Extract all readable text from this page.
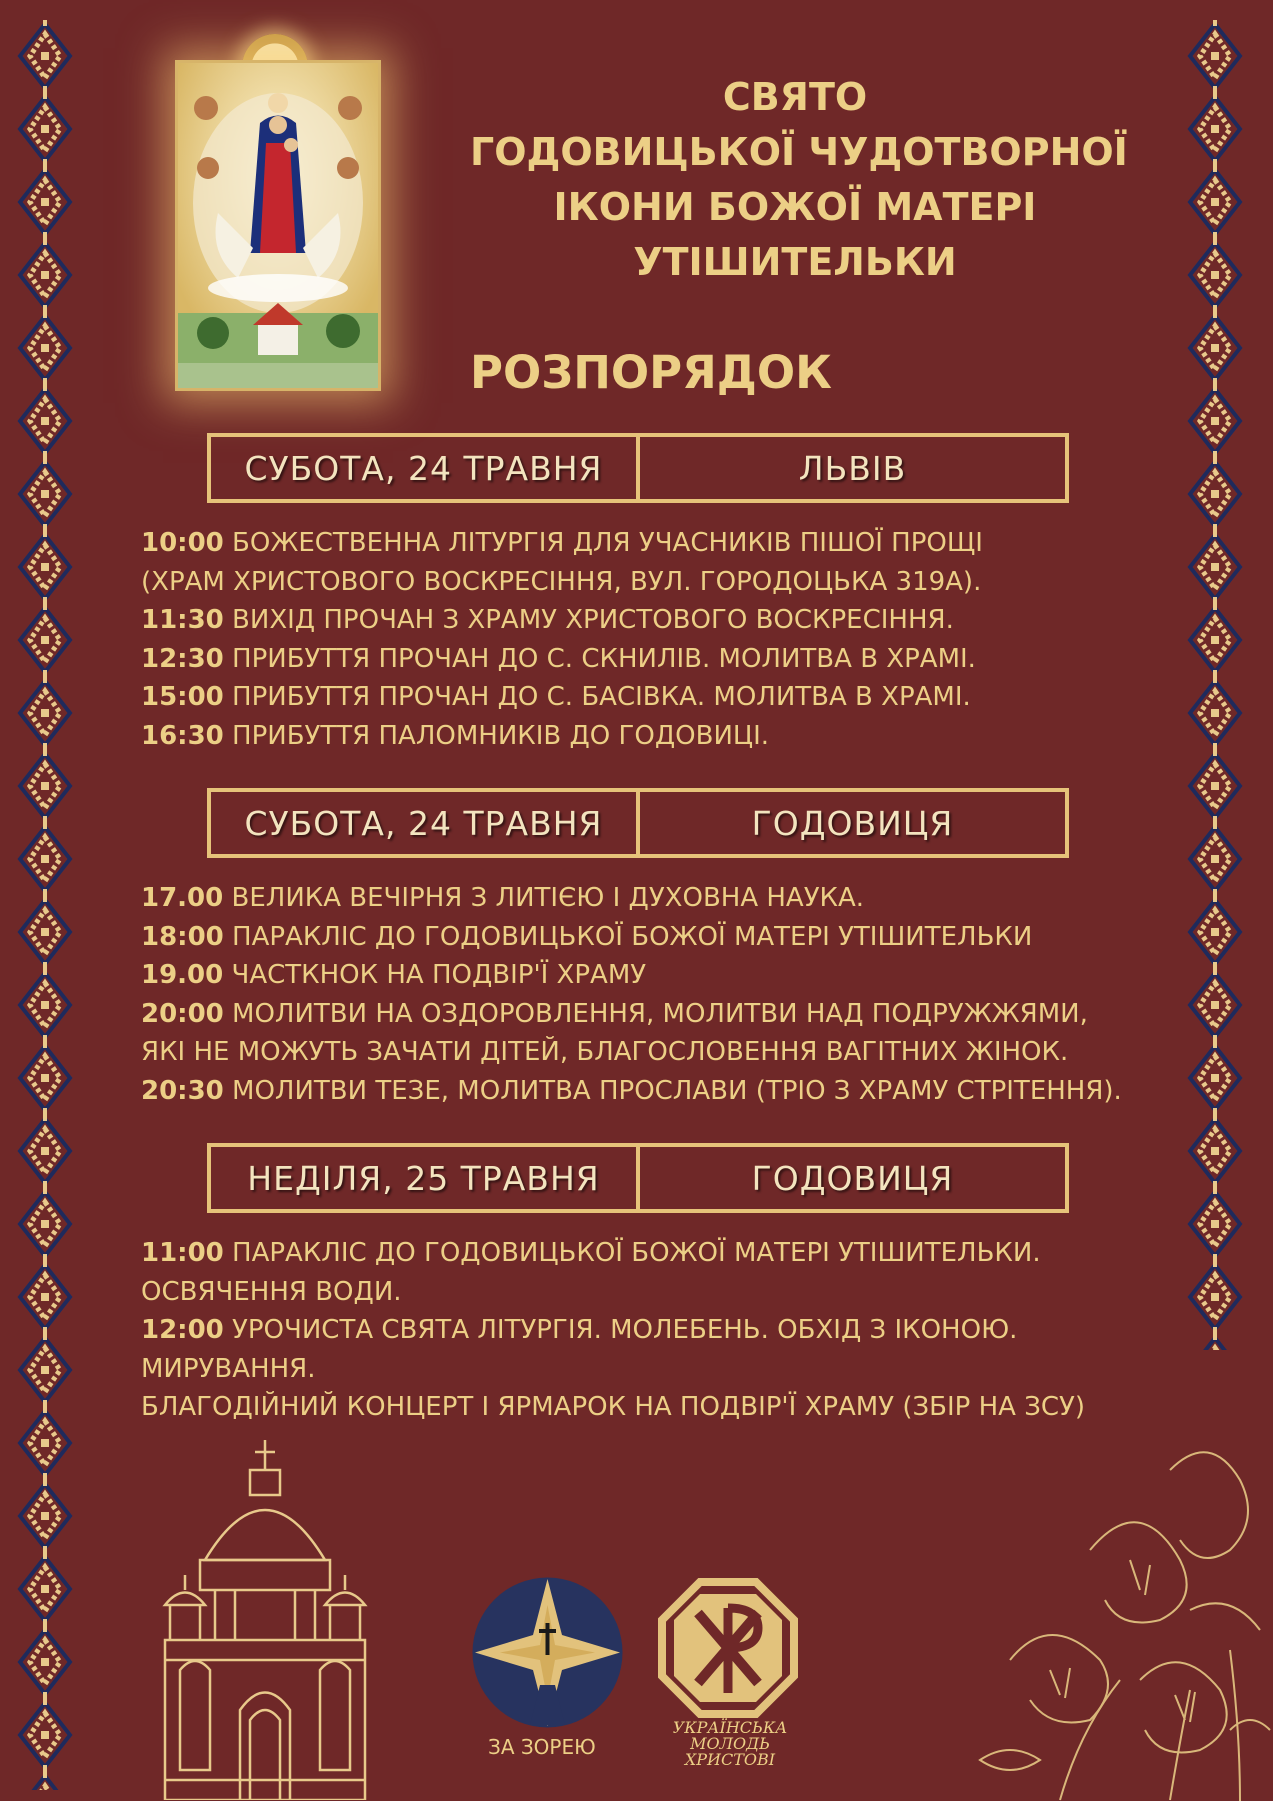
СВЯТО
ГОДОВИЦЬКОЇ ЧУДОТВОРНОЇ
ІКОНИ БОЖОЇ МАТЕРІ
УТІШИТЕЛЬКИ
РОЗПОРЯДОК
СУБОТА, 24 ТРАВНЯ	ЛЬВІВ
10:00 БОЖЕСТВЕННА ЛІТУРГІЯ ДЛЯ УЧАСНИКІВ ПІШОЇ ПРОЩІ
(ХРАМ ХРИСТОВОГО ВОСКРЕСІННЯ, ВУЛ. ГОРОДОЦЬКА 319А).
11:30 ВИХІД ПРОЧАН З ХРАМУ ХРИСТОВОГО ВОСКРЕСІННЯ.
12:30 ПРИБУТТЯ ПРОЧАН ДО С. СКНИЛІВ. МОЛИТВА В ХРАМІ.
15:00 ПРИБУТТЯ ПРОЧАН ДО С. БАСІВКА. МОЛИТВА В ХРАМІ.
16:30 ПРИБУТТЯ ПАЛОМНИКІВ ДО ГОДОВИЦІ.
СУБОТА, 24 ТРАВНЯ	ГОДОВИЦЯ
17.00 ВЕЛИКА ВЕЧІРНЯ З ЛИТІЄЮ І ДУХОВНА НАУКА.
18:00 ПАРАКЛІС ДО ГОДОВИЦЬКОЇ БОЖОЇ МАТЕРІ УТІШИТЕЛЬКИ
19.00 ЧАСТКНОК НА ПОДВІР'Ї ХРАМУ
20:00 МОЛИТВИ НА ОЗДОРОВЛЕННЯ, МОЛИТВИ НАД ПОДРУЖЖЯМИ,
ЯКІ НЕ МОЖУТЬ ЗАЧАТИ ДІТЕЙ, БЛАГОСЛОВЕННЯ ВАГІТНИХ ЖІНОК.
20:30 МОЛИТВИ ТЕЗЕ, МОЛИТВА ПРОСЛАВИ (ТРІО З ХРАМУ СТРІТЕННЯ).
НЕДІЛЯ, 25 ТРАВНЯ	ГОДОВИЦЯ
11:00 ПАРАКЛІС ДО ГОДОВИЦЬКОЇ БОЖОЇ МАТЕРІ УТІШИТЕЛЬКИ.
ОСВЯЧЕННЯ ВОДИ.
12:00 УРОЧИСТА СВЯТА ЛІТУРГІЯ. МОЛЕБЕНЬ. ОБХІД З ІКОНОЮ.
МИРУВАННЯ.
БЛАГОДІЙНИЙ КОНЦЕРТ І ЯРМАРОК НА ПОДВІР'Ї ХРАМУ (ЗБІР НА ЗСУ)
ЗА ЗОРЕЮ
УКРАЇНСЬКА
МОЛОДЬ
ХРИСТОВІ
